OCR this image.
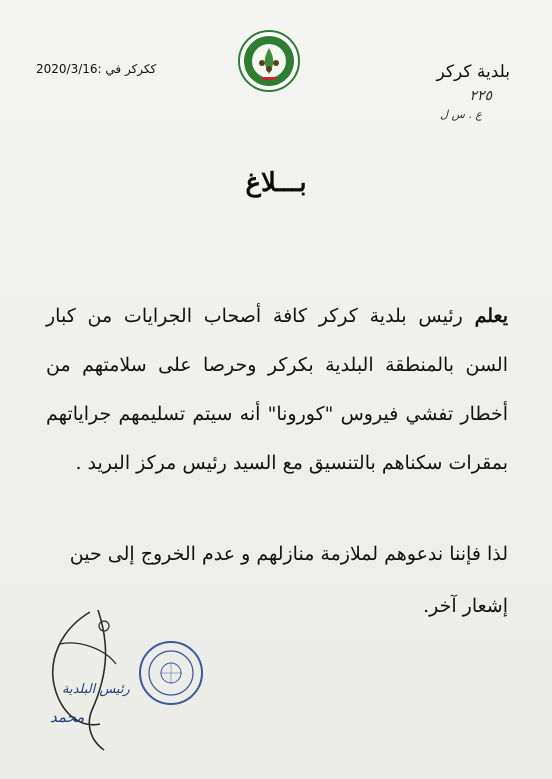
ككركر في :2020/3/16	بلدية كركر
٢٢٥
ع . س ل
بـــلاغ
يعلم رئيس بلدية كركر كافة أصحاب الجرايات من كبار السن بالمنطقة البلدية بكركر وحرصا على سلامتهم من أخطار تفشي فيروس "كورونا" أنه سيتم تسليمهم جراياتهم بمقرات سكناهم بالتنسيق مع السيد رئيس مركز البريد .
لذا فإننا ندعوهم لملازمة منازلهم و عدم الخروج إلى حين
إشعار آخر.
رئيس البلدية
محمد
